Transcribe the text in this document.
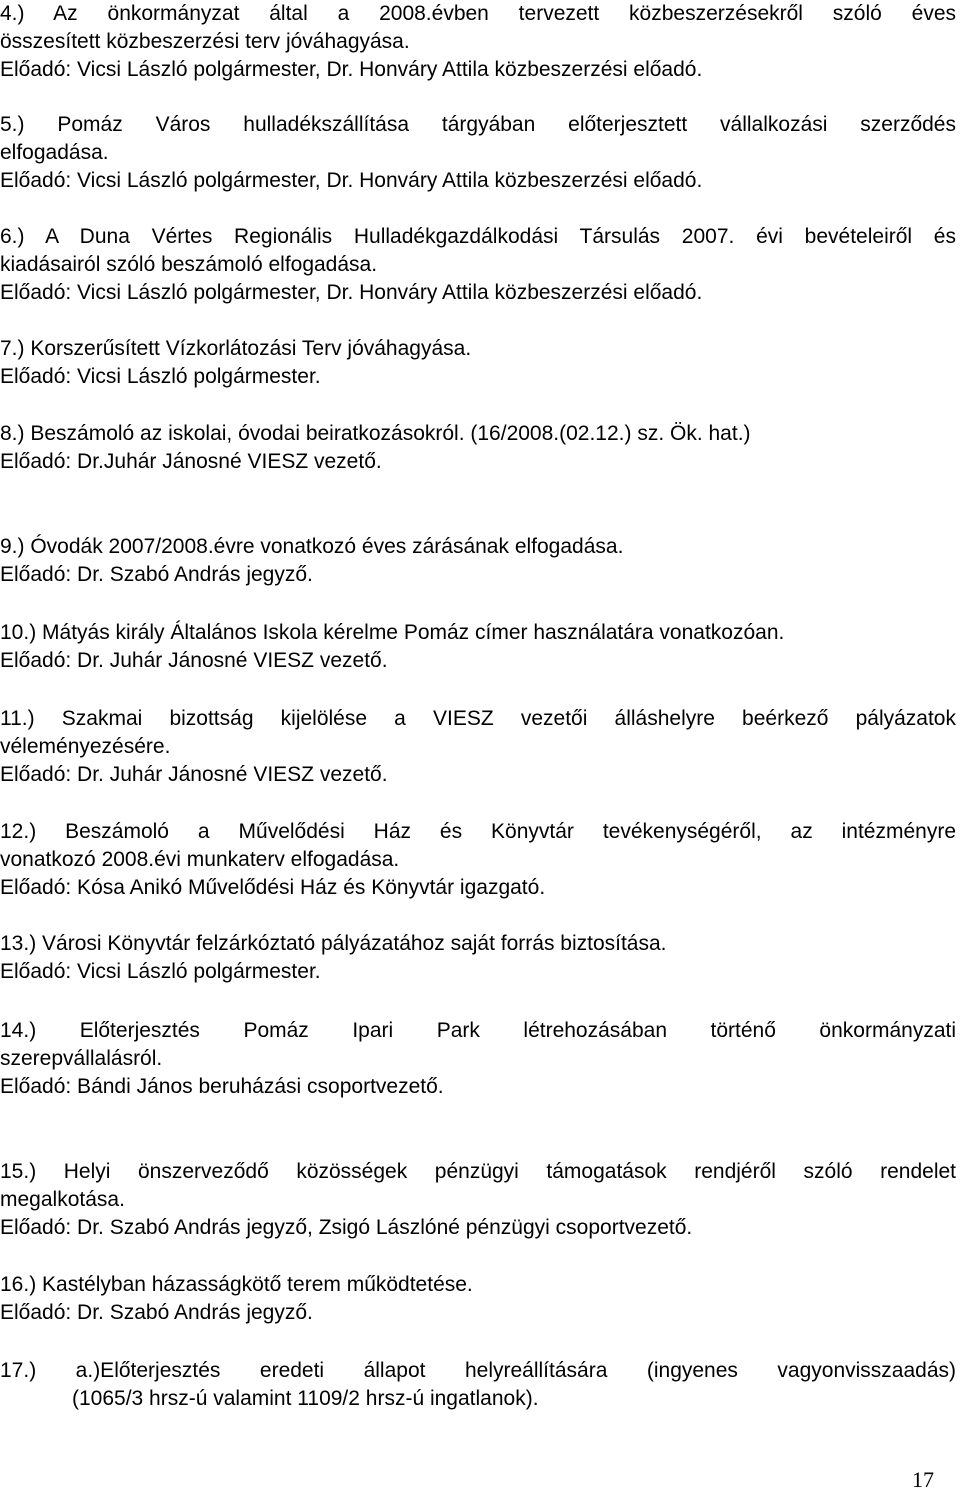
4.) Az önkormányzat által a 2008.évben tervezett közbeszerzésekről szóló éves
összesített közbeszerzési terv jóváhagyása.
Előadó: Vicsi László polgármester, Dr. Honváry Attila közbeszerzési előadó.
5.) Pomáz Város hulladékszállítása tárgyában előterjesztett vállalkozási szerződés
elfogadása.
Előadó: Vicsi László polgármester, Dr. Honváry Attila közbeszerzési előadó.
6.) A Duna Vértes Regionális Hulladékgazdálkodási Társulás 2007. évi bevételeiről és
kiadásairól szóló beszámoló elfogadása.
Előadó: Vicsi László polgármester, Dr. Honváry Attila közbeszerzési előadó.
7.) Korszerűsített Vízkorlátozási Terv jóváhagyása.
Előadó: Vicsi László polgármester.
8.) Beszámoló az iskolai, óvodai beiratkozásokról. (16/2008.(02.12.) sz. Ök. hat.)
Előadó: Dr.Juhár Jánosné VIESZ vezető.
9.) Óvodák 2007/2008.évre vonatkozó éves zárásának elfogadása.
Előadó: Dr. Szabó András jegyző.
10.) Mátyás király Általános Iskola kérelme Pomáz címer használatára vonatkozóan.
Előadó: Dr. Juhár Jánosné VIESZ vezető.
11.) Szakmai bizottság kijelölése a VIESZ vezetői álláshelyre beérkező pályázatok
véleményezésére.
Előadó: Dr. Juhár Jánosné VIESZ vezető.
12.) Beszámoló a Művelődési Ház és Könyvtár tevékenységéről, az intézményre
vonatkozó 2008.évi munkaterv elfogadása.
Előadó: Kósa Anikó Művelődési Ház és Könyvtár igazgató.
13.) Városi Könyvtár felzárkóztató pályázatához saját forrás biztosítása.
Előadó: Vicsi László polgármester.
14.) Előterjesztés Pomáz Ipari Park létrehozásában történő önkormányzati
szerepvállalásról.
Előadó: Bándi János beruházási csoportvezető.
15.) Helyi önszerveződő közösségek pénzügyi támogatások rendjéről szóló rendelet
megalkotása.
Előadó: Dr. Szabó András jegyző, Zsigó Lászlóné pénzügyi csoportvezető.
16.) Kastélyban házasságkötő terem működtetése.
Előadó: Dr. Szabó András jegyző.
17.) a.)Előterjesztés eredeti állapot helyreállítására (ingyenes vagyonvisszaadás)
(1065/3 hrsz-ú valamint 1109/2 hrsz-ú ingatlanok).
17
